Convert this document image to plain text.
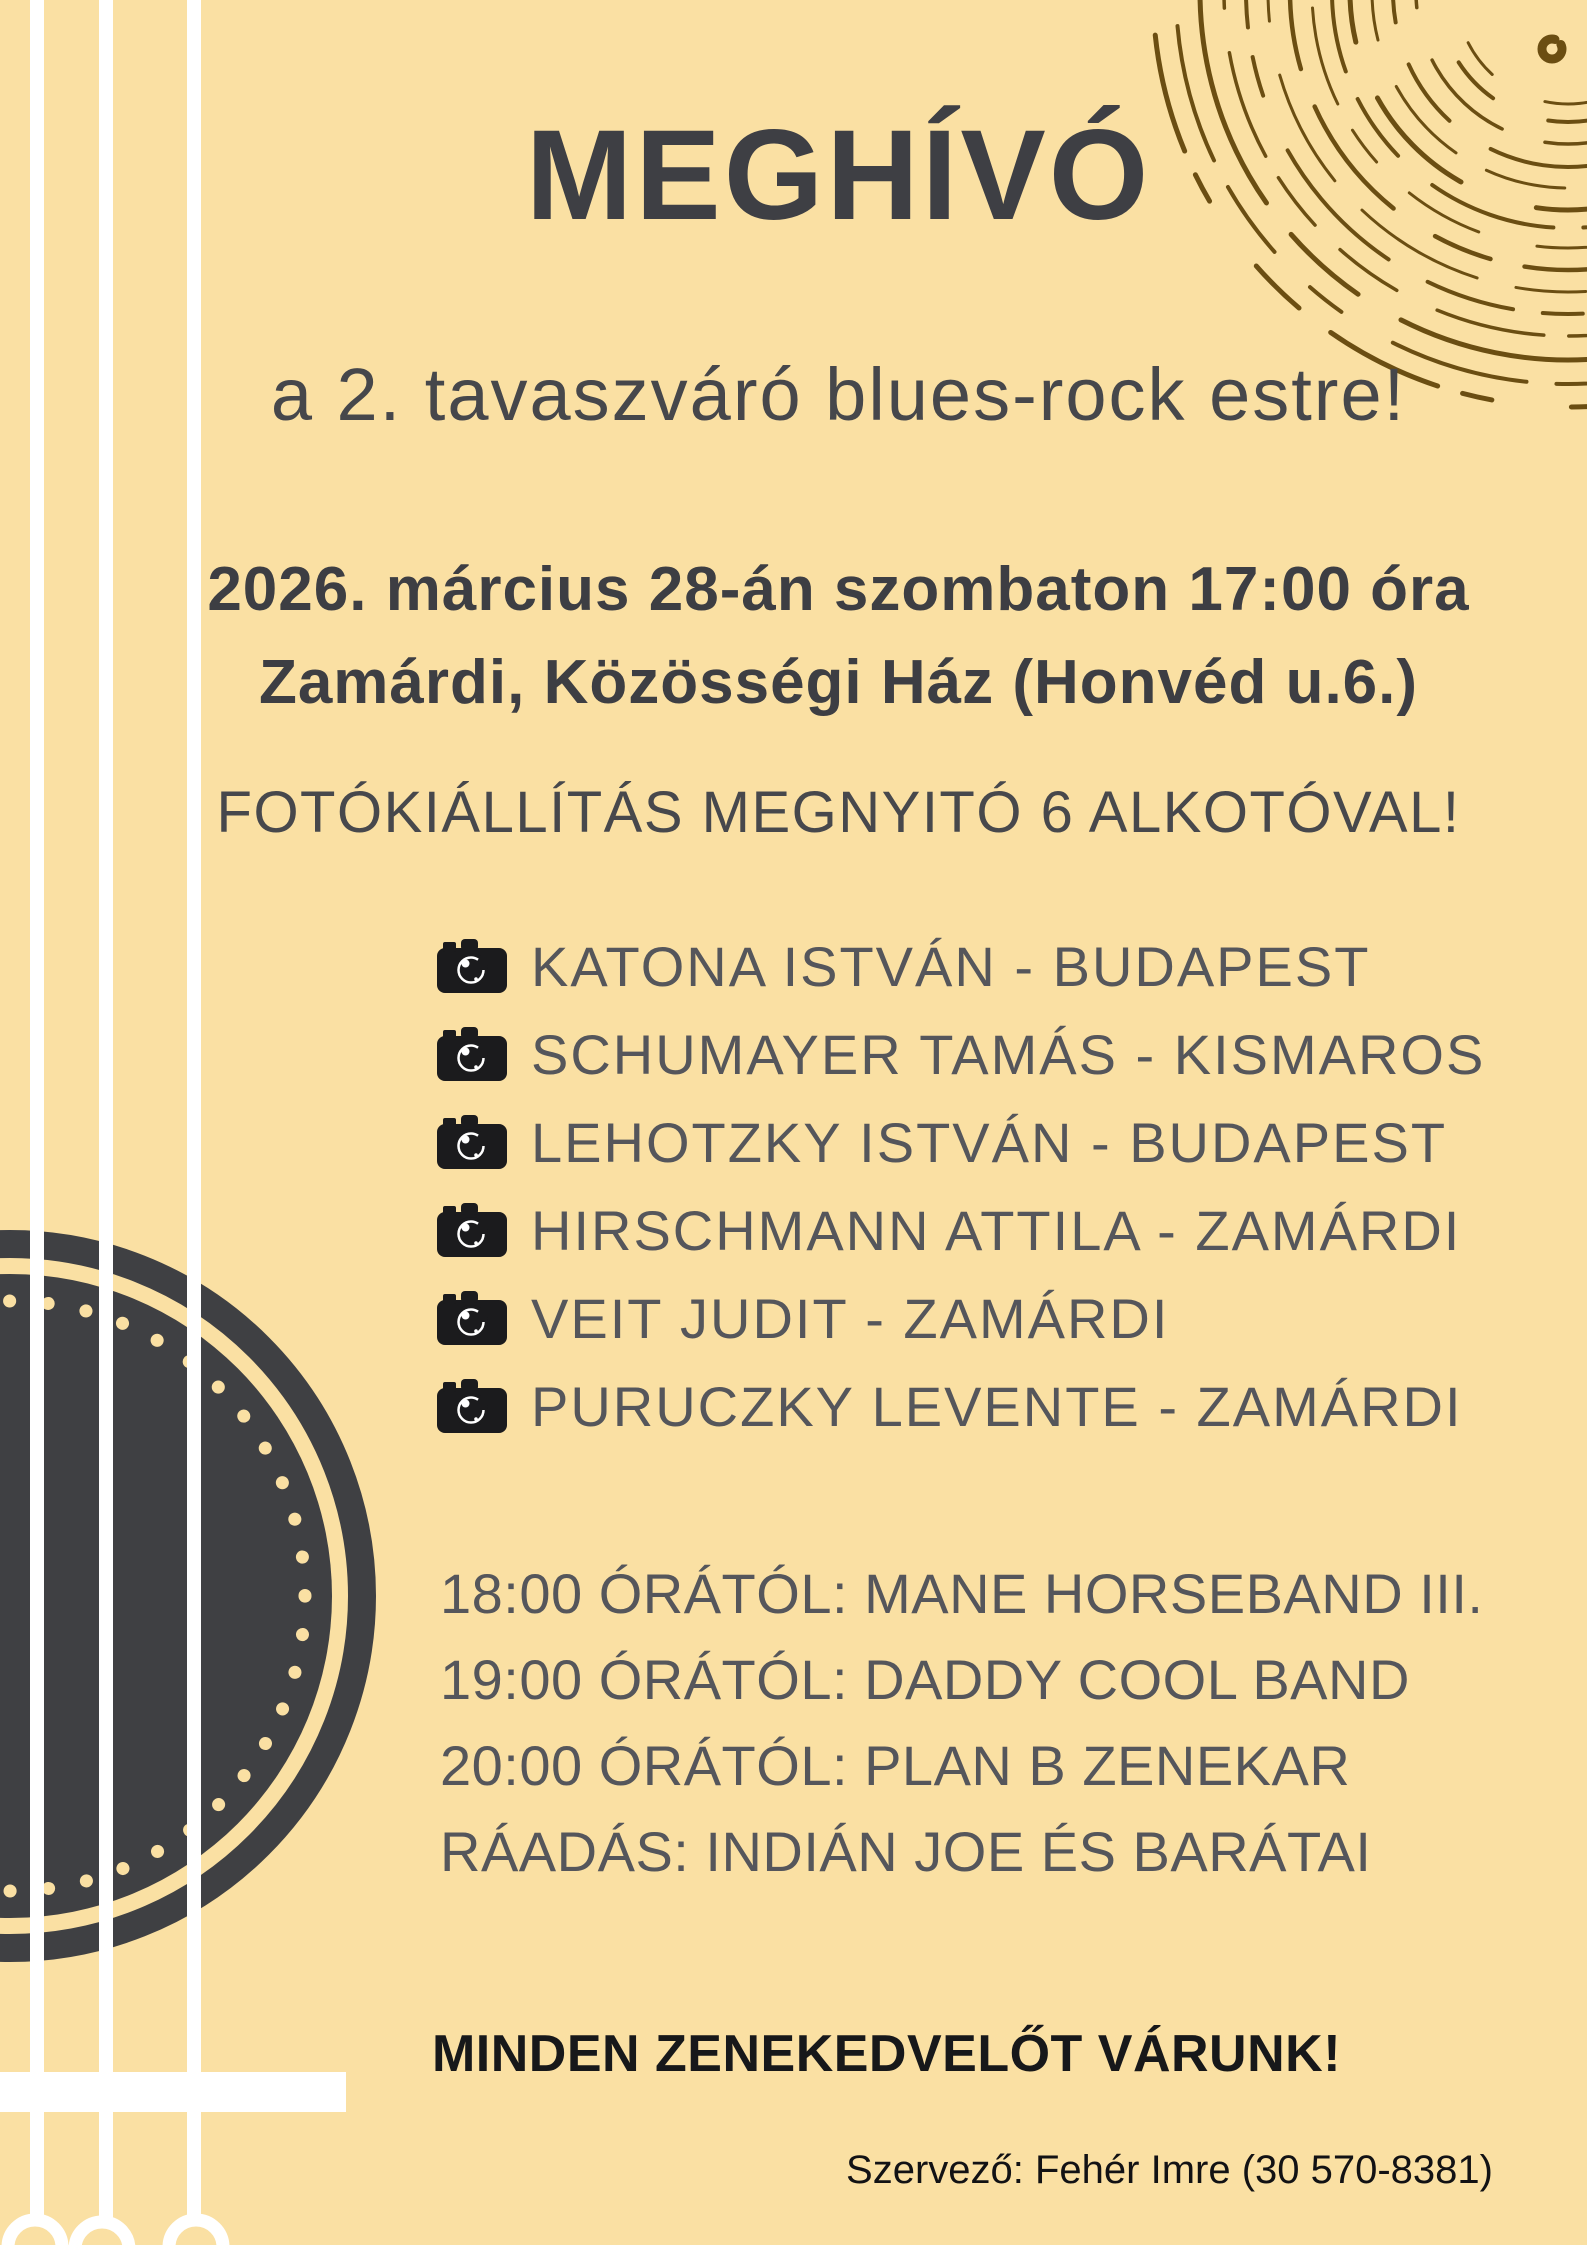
MEGHÍVÓ
a 2. tavaszváró blues-rock estre!
2026. március 28-án szombaton 17:00 óra
Zamárdi, Közösségi Ház (Honvéd u.6.)
FOTÓKIÁLLÍTÁS MEGNYITÓ 6 ALKOTÓVAL!
KATONA ISTVÁN - BUDAPEST
SCHUMAYER TAMÁS - KISMAROS
LEHOTZKY ISTVÁN - BUDAPEST
HIRSCHMANN ATTILA - ZAMÁRDI
VEIT JUDIT - ZAMÁRDI
PURUCZKY LEVENTE - ZAMÁRDI
18:00 ÓRÁTÓL: MANE HORSEBAND III.
19:00 ÓRÁTÓL: DADDY COOL BAND
20:00 ÓRÁTÓL: PLAN B ZENEKAR
RÁADÁS: INDIÁN JOE ÉS BARÁTAI
MINDEN ZENEKEDVELŐT VÁRUNK!
Szervező: Fehér Imre (30 570-8381)
